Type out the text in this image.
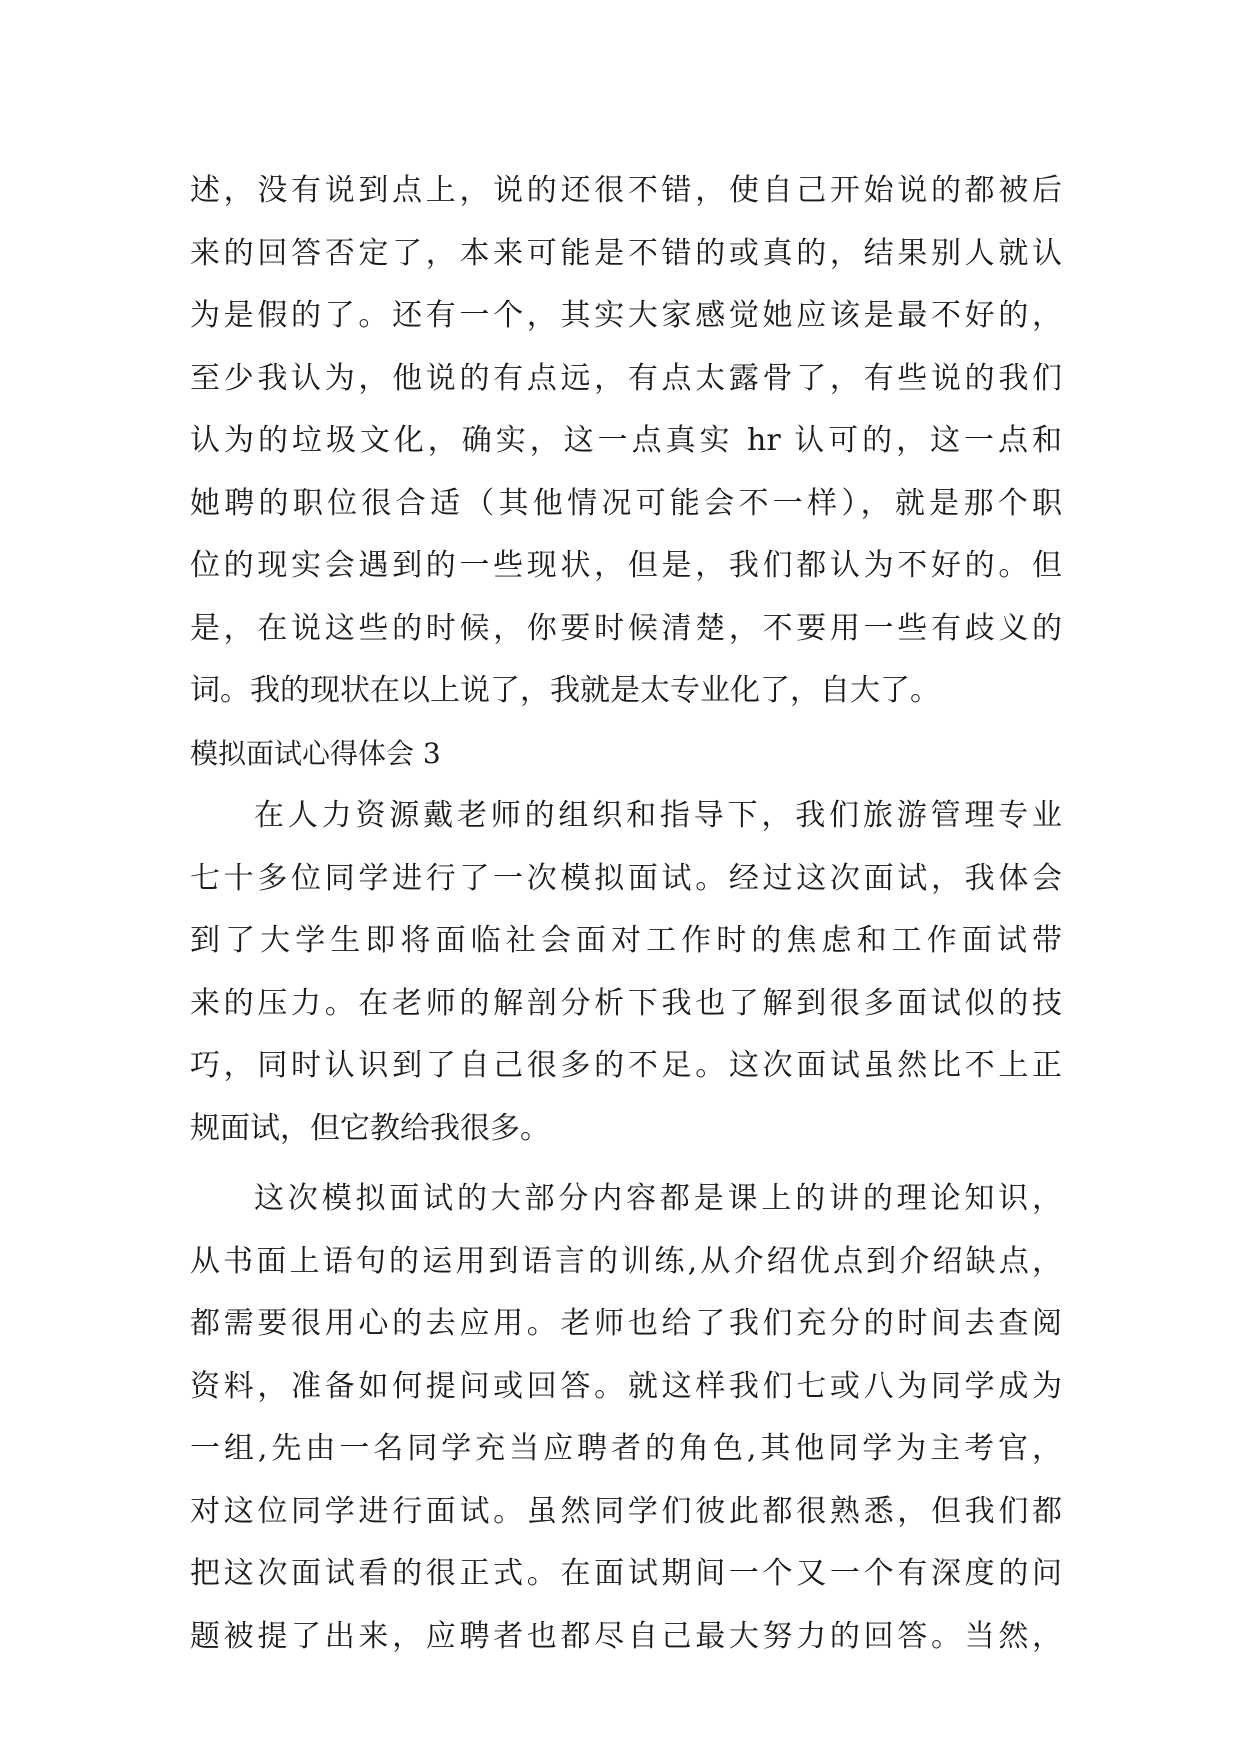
述，没有说到点上，说的还很不错，使自己开始说的都被后
来的回答否定了，本来可能是不错的或真的，结果别人就认
为是假的了。还有一个，其实大家感觉她应该是最不好的，
至少我认为，他说的有点远，有点太露骨了，有些说的我们
认为的垃圾文化，确实，这一点真实 hr 认可的，这一点和
她聘的职位很合适（其他情况可能会不一样），就是那个职
位的现实会遇到的一些现状，但是，我们都认为不好的。但
是，在说这些的时候，你要时候清楚，不要用一些有歧义的
词。我的现状在以上说了，我就是太专业化了，自大了。
模拟面试心得体会 3
在人力资源戴老师的组织和指导下，我们旅游管理专业
七十多位同学进行了一次模拟面试。经过这次面试，我体会
到了大学生即将面临社会面对工作时的焦虑和工作面试带
来的压力。在老师的解剖分析下我也了解到很多面试似的技
巧，同时认识到了自己很多的不足。这次面试虽然比不上正
规面试，但它教给我很多。
这次模拟面试的大部分内容都是课上的讲的理论知识，
从书面上语句的运用到语言的训练,从介绍优点到介绍缺点，
都需要很用心的去应用。老师也给了我们充分的时间去查阅
资料，准备如何提问或回答。就这样我们七或八为同学成为
一组,先由一名同学充当应聘者的角色,其他同学为主考官，
对这位同学进行面试。虽然同学们彼此都很熟悉，但我们都
把这次面试看的很正式。在面试期间一个又一个有深度的问
题被提了出来，应聘者也都尽自己最大努力的回答。当然，
